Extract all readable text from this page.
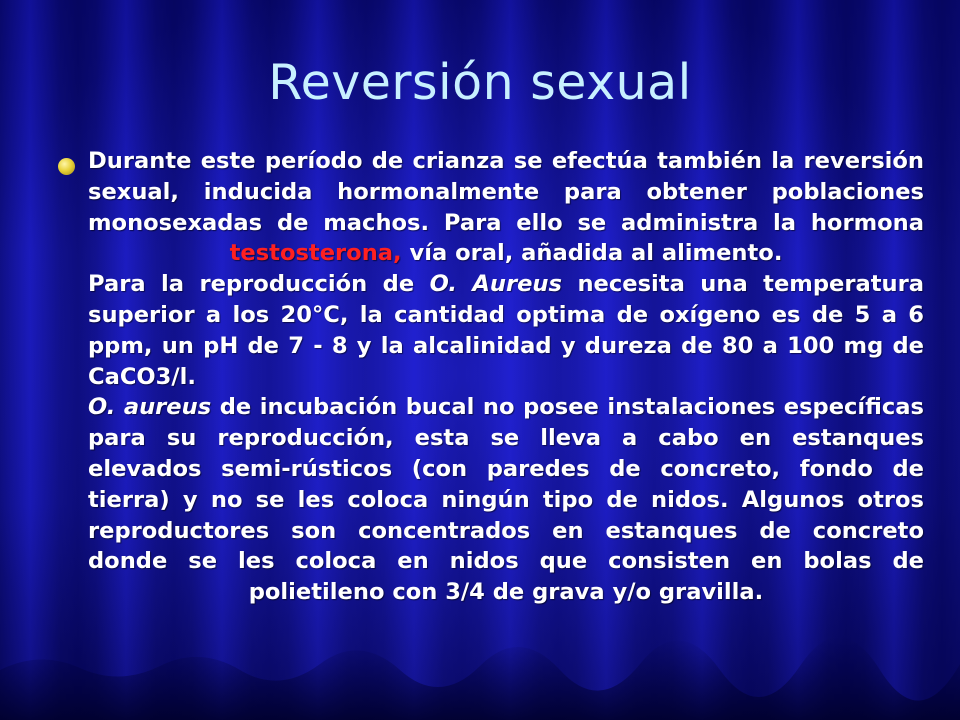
Reversión sexual
Durante este período de crianza se efectúa también la reversión sexual, inducida hormonalmente para obtener poblaciones monosexadas de machos. Para ello se administra la hormona testosterona, vía oral, añadida al alimento.
Para la reproducción de O. Aureus necesita una temperatura superior a los 20°C, la cantidad optima de oxígeno es de 5 a 6 ppm, un pH de 7 - 8 y la alcalinidad y dureza de 80 a 100 mg de CaCO3/l.
O. aureus de incubación bucal no posee instalaciones específicas para su reproducción, esta se lleva a cabo en estanques elevados semi-rústicos (con paredes de concreto, fondo de tierra) y no se les coloca ningún tipo de nidos. Algunos otros reproductores son concentrados en estanques de concreto donde se les coloca en nidos que consisten en bolas de polietileno con 3/4 de grava y/o gravilla.
